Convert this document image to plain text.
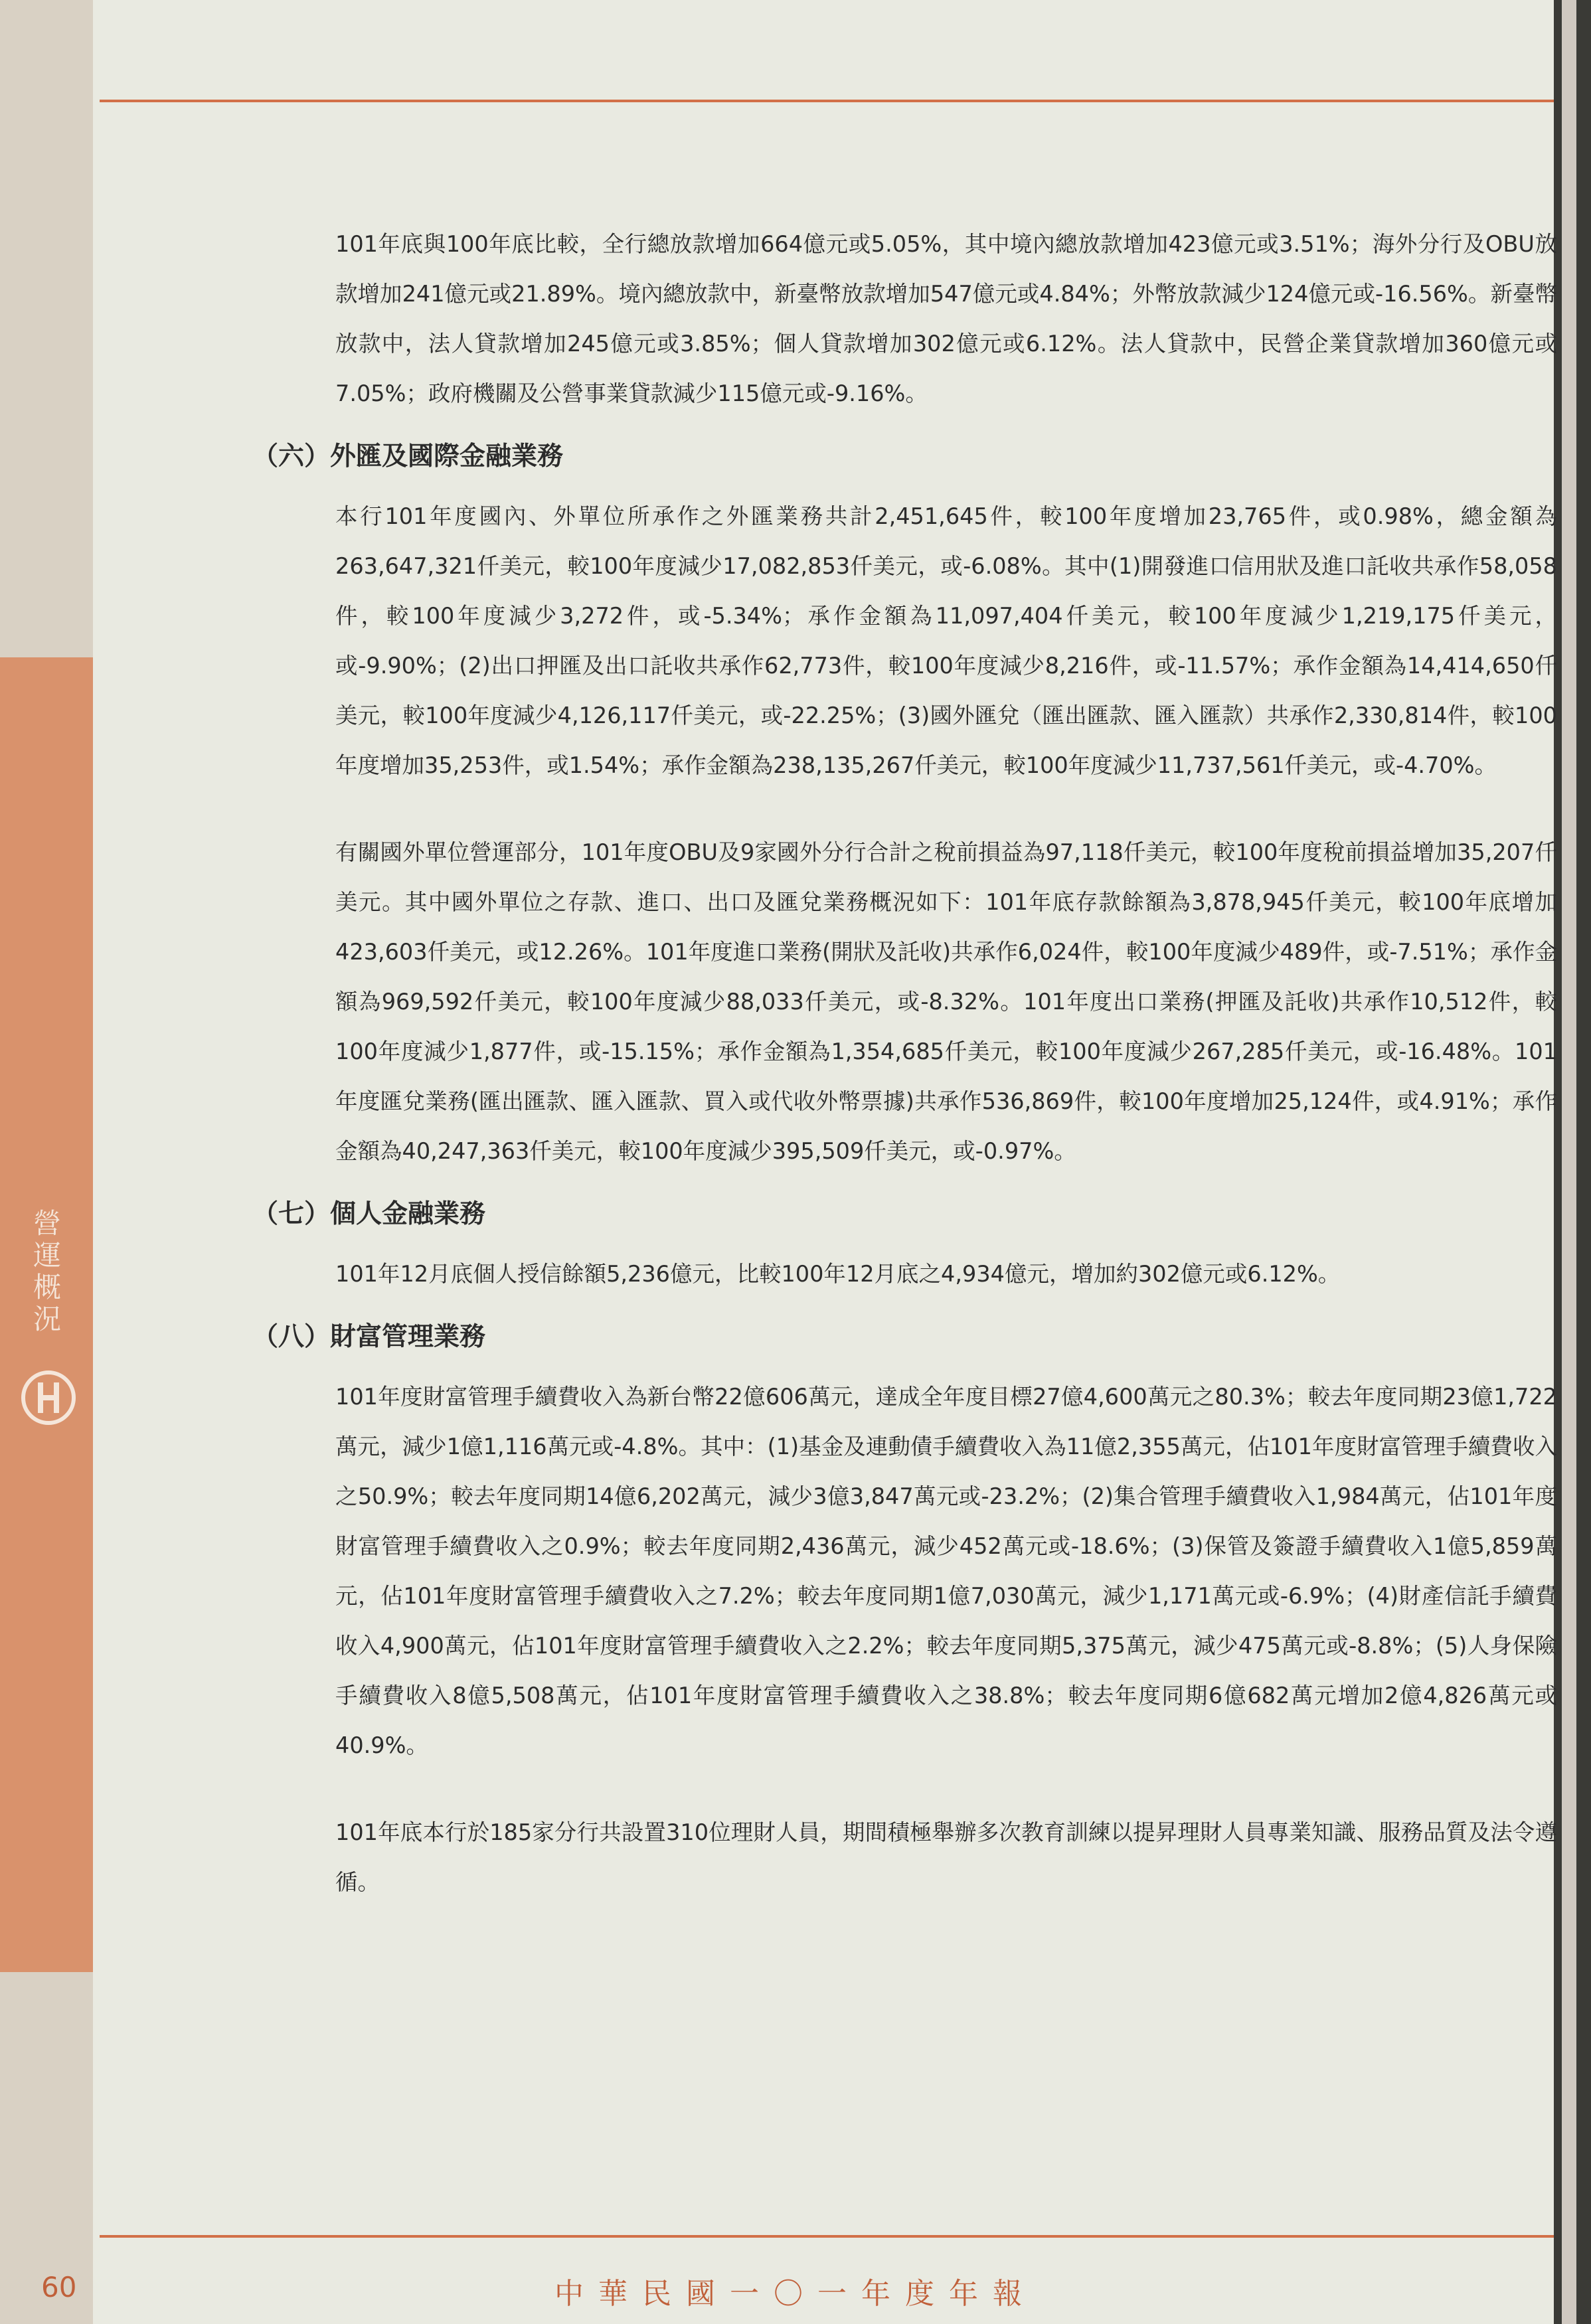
營運概況

101年底與100年底比較，全行總放款增加664億元或5.05%，其中境內總放款增加423億元或3.51%；海外分行及OBU放款增加241億元或21.89%。境內總放款中，新臺幣放款增加547億元或4.84%；外幣放款減少124億元或-16.56%。新臺幣放款中，法人貸款增加245億元或3.85%；個人貸款增加302億元或6.12%。法人貸款中，民營企業貸款增加360億元或7.05%；政府機關及公營事業貸款減少115億元或-9.16%。

（六）外匯及國際金融業務

本行101年度國內、外單位所承作之外匯業務共計2,451,645件，較100年度增加23,765件，或0.98%，總金額為263,647,321仟美元，較100年度減少17,082,853仟美元，或-6.08%。其中(1)開發進口信用狀及進口託收共承作58,058件，較100年度減少3,272件，或-5.34%；承作金額為11,097,404仟美元，較100年度減少1,219,175仟美元，或-9.90%；(2)出口押匯及出口託收共承作62,773件，較100年度減少8,216件，或-11.57%；承作金額為14,414,650仟美元，較100年度減少4,126,117仟美元，或-22.25%；(3)國外匯兌（匯出匯款、匯入匯款）共承作2,330,814件，較100年度增加35,253件，或1.54%；承作金額為238,135,267仟美元，較100年度減少11,737,561仟美元，或-4.70%。

有關國外單位營運部分，101年度OBU及9家國外分行合計之稅前損益為97,118仟美元，較100年度稅前損益增加35,207仟美元。其中國外單位之存款、進口、出口及匯兌業務概況如下：101年底存款餘額為3,878,945仟美元，較100年底增加423,603仟美元，或12.26%。101年度進口業務(開狀及託收)共承作6,024件，較100年度減少489件，或-7.51%；承作金額為969,592仟美元，較100年度減少88,033仟美元，或-8.32%。101年度出口業務(押匯及託收)共承作10,512件，較100年度減少1,877件，或-15.15%；承作金額為1,354,685仟美元，較100年度減少267,285仟美元，或-16.48%。101年度匯兌業務(匯出匯款、匯入匯款、買入或代收外幣票據)共承作536,869件，較100年度增加25,124件，或4.91%；承作金額為40,247,363仟美元，較100年度減少395,509仟美元，或-0.97%。

（七）個人金融業務

101年12月底個人授信餘額5,236億元，比較100年12月底之4,934億元，增加約302億元或6.12%。

（八）財富管理業務

101年度財富管理手續費收入為新台幣22億606萬元，達成全年度目標27億4,600萬元之80.3%；較去年度同期23億1,722萬元，減少1億1,116萬元或-4.8%。其中：(1)基金及連動債手續費收入為11億2,355萬元，佔101年度財富管理手續費收入之50.9%；較去年度同期14億6,202萬元，減少3億3,847萬元或-23.2%；(2)集合管理手續費收入1,984萬元，佔101年度財富管理手續費收入之0.9%；較去年度同期2,436萬元，減少452萬元或-18.6%；(3)保管及簽證手續費收入1億5,859萬元，佔101年度財富管理手續費收入之7.2%；較去年度同期1億7,030萬元，減少1,171萬元或-6.9%；(4)財產信託手續費收入4,900萬元，佔101年度財富管理手續費收入之2.2%；較去年度同期5,375萬元，減少475萬元或-8.8%；(5)人身保險手續費收入8億5,508萬元，佔101年度財富管理手續費收入之38.8%；較去年度同期6億682萬元增加2億4,826萬元或40.9%。

101年底本行於185家分行共設置310位理財人員，期間積極舉辦多次教育訓練以提昇理財人員專業知識、服務品質及法令遵循。

60	中華民國一〇一年度年報
